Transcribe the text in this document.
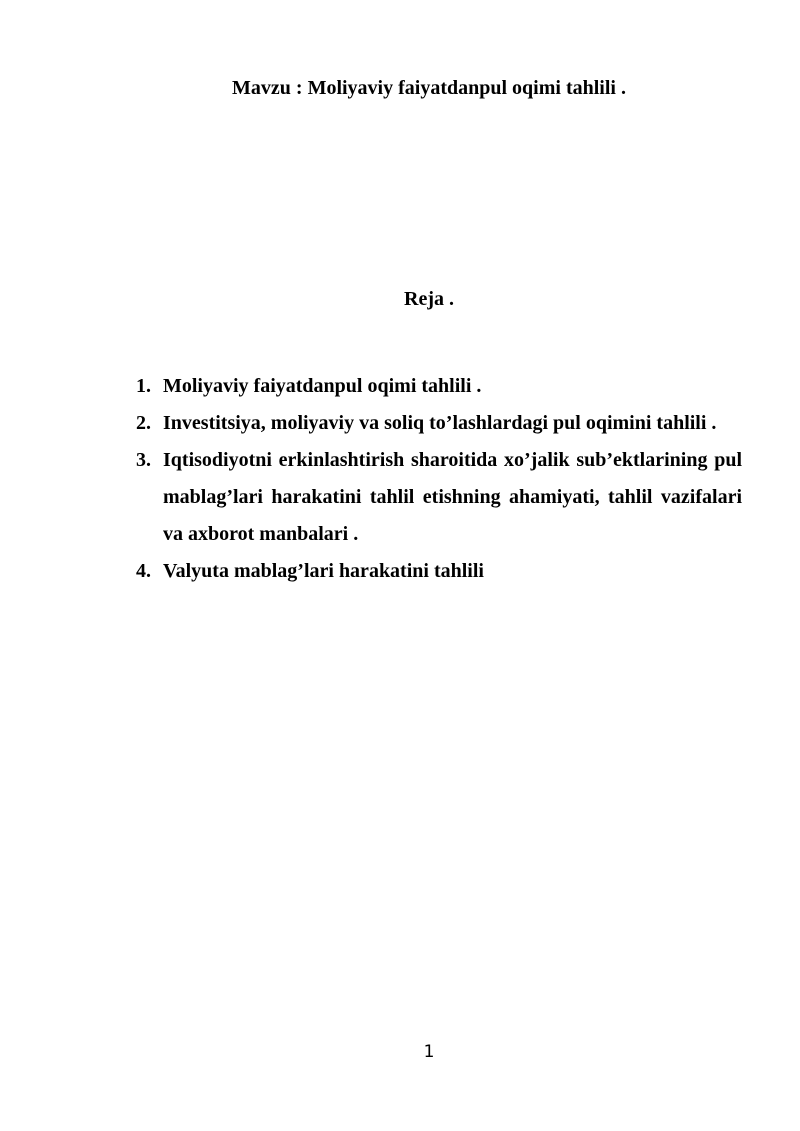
Mavzu : Moliyaviy faiyatdanpul oqimi tahlili .
Reja .
1. Moliyaviy faiyatdanpul oqimi tahlili .
2. Investitsiya, moliyaviy va soliq to’lashlardagi pul oqimini tahlili .
3. Iqtisodiyotni erkinlashtirish sharoitida xo’jalik sub’ektlarining pul mablag’lari harakatini tahlil etishning ahamiyati, tahlil vazifalari va axborot manbalari .
4. Valyuta mablag’lari harakatini tahlili
1
